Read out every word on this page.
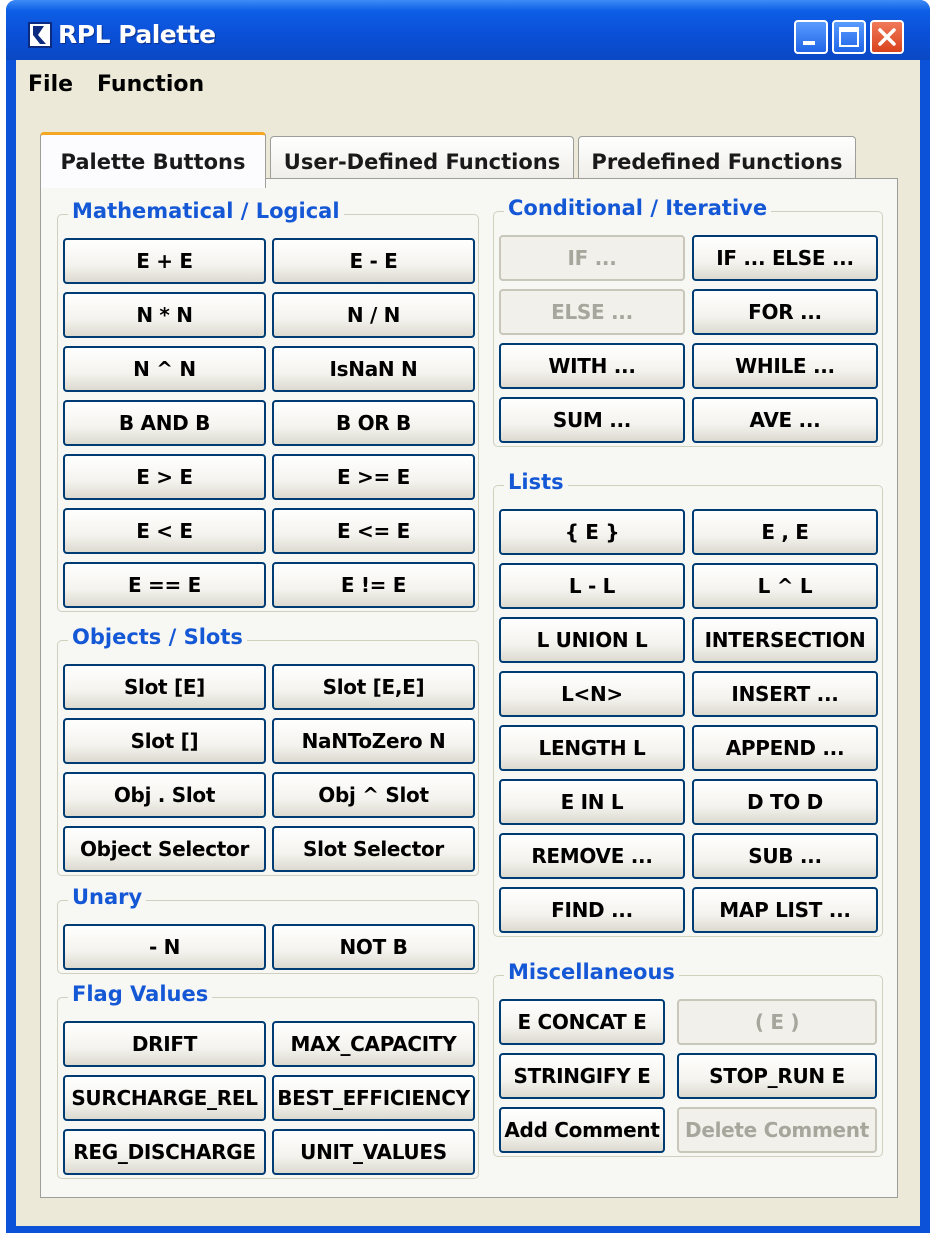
RPL Palette
File Function
Palette Buttons	User-Defined Functions	Predefined Functions
Mathematical / Logical
E + E	E - E
N * N	N / N
N ^ N	IsNaN N
B AND B	B OR B
E > E	E >= E
E < E	E <= E
E == E	E != E
Objects / Slots
Slot [E]	Slot [E,E]
Slot []	NaNToZero N
Obj . Slot	Obj ^ Slot
Object Selector	Slot Selector
Unary
- N	NOT B
Flag Values
DRIFT	MAX_CAPACITY
SURCHARGE_REL BEST_EFFICIENCY
REG_DISCHARGE	UNIT_VALUES
Conditional / Iterative
IF ...	IF ... ELSE ...
ELSE ...	FOR ...
WITH ...	WHILE ...
SUM ...	AVE ...
Lists
{ E }	E , E
L - L	L ^ L
L UNION L	INTERSECTION
L<N>	INSERT ...
LENGTH L	APPEND ...
E IN L	D TO D
REMOVE ...	SUB ...
FIND ...	MAP LIST ...
Miscellaneous
E CONCAT E	( E )
STRINGIFY E	STOP_RUN E
Add Comment	Delete Comment
